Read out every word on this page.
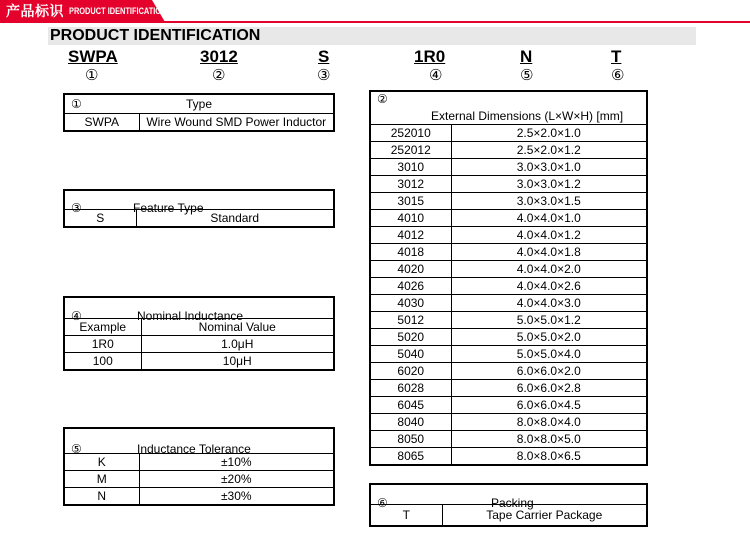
产品标识 PRODUCT IDENTIFICATION
PRODUCT IDENTIFICATION
SWPA	3012	S	1R0	N	T
①	②	③	④	⑤	⑥
①	Type
SWPA	Wire Wound SMD Power Inductor
③	Feature Type

S	Standard
④ Nominal Inductance	

Example	Nominal Value
1R0	1.0μH
100	10μH
⑤ Inductance Tolerance	

K	±10%
M	±20%
N	±30%
②
External Dimensions (L×W×H) [mm]	

252010	2.5×2.0×1.0
252012	2.5×2.0×1.2
3010	3.0×3.0×1.0
3012	3.0×3.0×1.2
3015	3.0×3.0×1.5
4010	4.0×4.0×1.0
4012	4.0×4.0×1.2
4018	4.0×4.0×1.8
4020	4.0×4.0×2.0
4026	4.0×4.0×2.6
4030	4.0×4.0×3.0
5012	5.0×5.0×1.2
5020	5.0×5.0×2.0
5040	5.0×5.0×4.0
6020	6.0×6.0×2.0
6028	6.0×6.0×2.8
6045	6.0×6.0×4.5
8040	8.0×8.0×4.0
8050	8.0×8.0×5.0
8065	8.0×8.0×6.5
⑥	Packing

T	Tape Carrier Package
